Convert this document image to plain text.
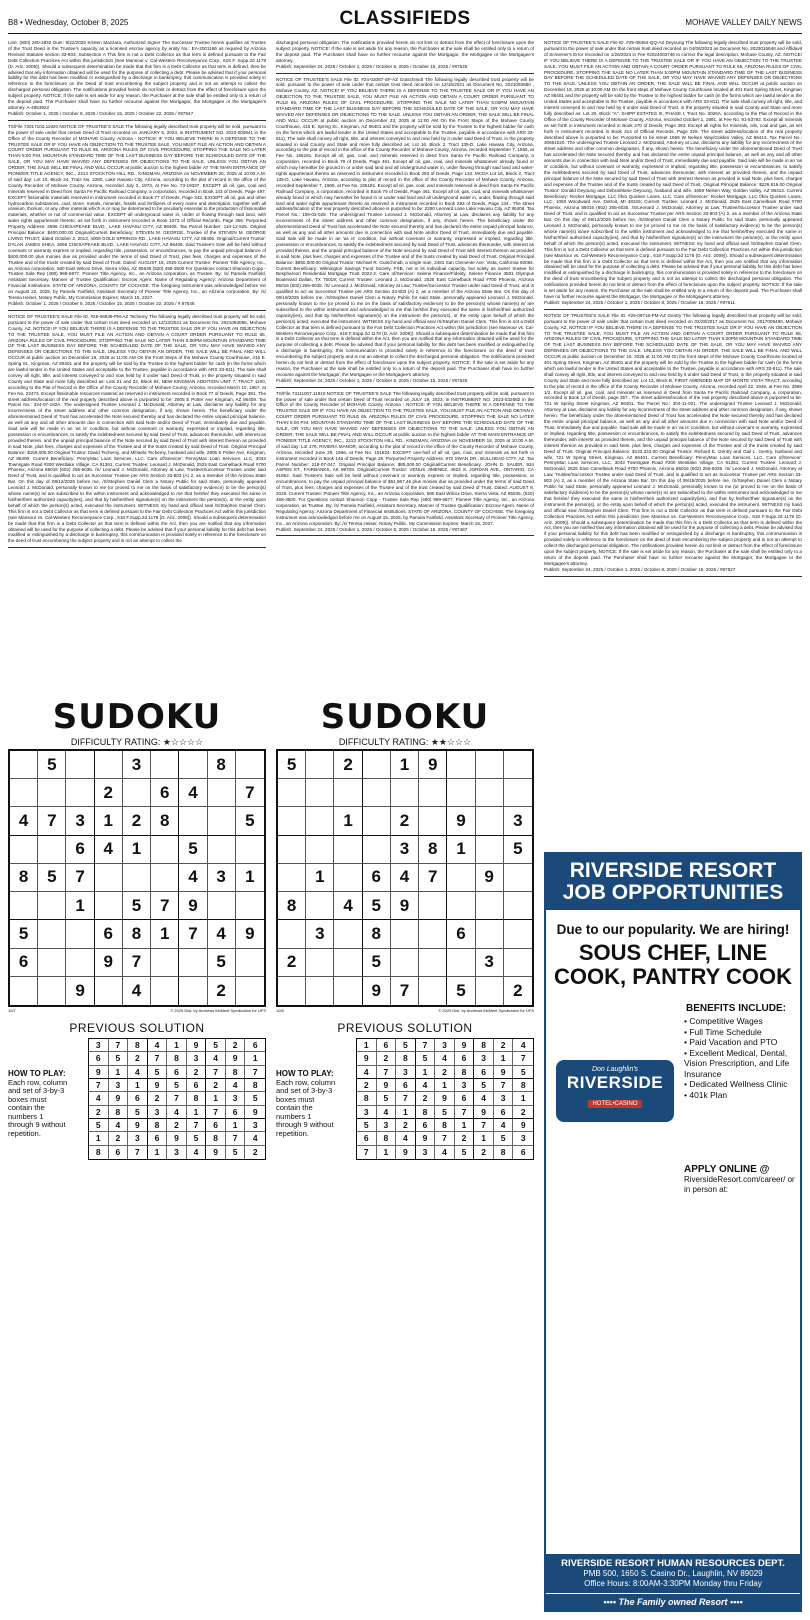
B8 • Wednesday, October 8, 2025	CLASSIFIEDS	MOHAVE VALLEY DAILY NEWS

Line: (800) 280-2832 Due!: 9/22/2025 Kristen Mazzara, Authorized Signer The Successor Trustee herein qualifies as Trustee of the Trust Deed in the Trustee's capacity as a licensed escrow agency by entity No.: EA-2001166 as required by Arizona Revised Statutes section 33-803, Subsection A This firm is not a Debt Collector as that term is defined pursuant to the Fair Debt Collection Practices Act within this jurisdiction (See Mansour v. Cal-Western Reconveyance Corp., 618 F. Supp.2d 1178 (D. Ariz. 2009)). Should a subsequent determination be made that this firm is a Debt Collector as that term is defined, then be advised that any information obtained will be used for the purpose of collecting a debt. Please be advised that if your personal liability for this debt has been modified or extinguished by a discharge in bankruptcy, this communication is provided solely in reference to the foreclosure on the Deed of trust encumbering the subject property and is not an attempt to collect the discharged personal obligation. The notifications provided herein do not limit or detract from the effect of foreclosure upon the subject property. NOTICE: If the sale is set aside for any reason, the Purchaser at the sale shall be entitled only to a return of the deposit paid. The Purchaser shall have no further recourse against the Mortgagor, the Mortgagee or the Mortgagee's attorney. A-4853922

Publish: October 1, 2025 / October 8, 2025 / October 15, 2025 / October 22, 2025 / #87547

TS/File 73017103.11920 NOTICE OF TRUSTEE'S SALE The following legally described trust property will be sold, pursuant to the power of sale under that certain Deed of Trust recorded on JANUARY 5, 2023, in INSTRUMENT NO. 2023-000841 in the Office of the County Recorder of MOHAVE County, Arizona - NOTICE! IF YOU BELIEVE THERE IS A DEFENSE TO THE TRUSTEE SALE OR IF YOU HAVE AN OBJECTION TO THE TRUSTEE SALE, YOU MUST FILE AN ACTION AND OBTAIN A COURT ORDER PURSUANT TO RULE 65, ARIZONA RULES OF CIVIL PROCEDURE, STOPPING THE SALE NO LATER THAN 5:00 P.M. MOUNTAIN STANDARD TIME OF THE LAST BUSINESS DAY BEFORE THE SCHEDULED DATE OF THE SALE, OR YOU MAY HAVE WAIVED ANY DEFENSES OR OBJECTIONS TO THE SALE. UNLESS YOU OBTAIN AN ORDER, THE SALE WILL BE FINAL AND WILL OCCUR at public auction to the highest bidder AT THE MAIN ENTRANCE OF PIONEER TITLE AGENCY, INC., 2213 STOCKTON HILL RD., KINGMAN, ARIZONA on NOVEMBER 25, 2025 at 10:00 A.M. of said day: Lot 10, Block 24, Tract No. 2280, Lake Havasu City, Arizona, according to the plat of record in the office of the County Recorder of Mohave County, Arizona, recorded July 2, 1973, at Fee No. 73-19337. EXCEPT all oil, gas, coal and minerals reserved in Deed from Santa Fe Pacific Railroad Company, a corporation, recorded in Book 143 of Deeds, Page 497. EXCEPT fissionable materials reserved in instrument recorded in Book 77 of Deeds, Page 342. EXCEPT all oil, gas and other hydrocarbon substances, coal, stone, metals, minerals, fossils and fertilizers of every name and description, together with all uranium, thorium, or any other material which is or may be determined to be peculiarly essential to the production of fissionable materials, whether or not of commercial value. EXCEPT all underground water in, under or flowing through said land, with water rights appurtenant thereto, as set forth in instrument recorded in Book 1073 of Official Records, Page 356. Purported Property Address: 3696 CHESAPEAKE BLVD., LAKE HAVASU CITY, AZ 86406. Tax Parcel Number: 110-12-525. Original Principal Balance: $400,000.00 Original/Current Beneficiary: STEVEN M. GEORGE, Trustee of the STEVEN M. GEORGE LIVING TRUST, dated October 2, 2013, 4009 GOLD SPRINGS RD., LAKE HAVASU CITY, AZ 86406. Original/Current Trustor: DYLAN JAMES SHEA, 3696 CHESAPEAKE BLVD., LAKE HAVASU CITY, AZ 86406. Said Trustee's Sale will be held without covenant or warranty express or implied, regarding title, possession, or encumbrances, to pay the unpaid principal balance of $400,000.00 plus monies due as provided under the terms of said Deed of Trust, plus fees, charges and expenses of the Trustee and of the trusts created by said Deed of Trust. Dated: AUGUST 18, 2025 Current Trustee: Pioneer Title Agency, Inc., an Arizona corporation, 580 East Wilcox Drive, Sierra Vista, AZ 85635 (520) 458-3500 For Questions contact Shannon Copp - Trustee Sale Rep (480) 969-5877. Pioneer Title Agency, Inc., an Arizona corporation, as Trustee. By: /s/ Pamela Fairfield, Assistant Secretary. Manner of Trustee Qualification: Escrow Agent. Name of Regulating Agency: Arizona Department of Financial Institutions. STATE OF ARIZONA, COUNTY OF COCHISE. The foregoing instrument was acknowledged before me on August 22, 2025, by Pamela Fairfield, Assistant Secretary of Pioneer Title Agency, Inc., an Arizona corporation. By: /s/ Teresa Heiser, Notary Public. My Commission Expires: March 15, 2027.

Publish: October 1, 2025 / October 8, 2025 / October 15, 2025 / October 22, 2025 / # 87546

NOTICE OF TRUSTEE'S SALE File ID. #25-06839-PM-AZ Tschemy The following legally described trust property will be sold, pursuant to the power of sale under that certain trust deed recorded on 12/13/2021 as Document No. 2021093058, Mohave County, AZ. NOTICE! IF YOU BELIEVE THERE IS A DEFENSE TO THE TRUSTEE SALE OR IF YOU HAVE AN OBJECTION TO THE TRUSTEE SALE, YOU MUST FILE AN ACTION AND OBTAIN A COURT ORDER PURSUANT TO RULE 65, ARIZONA RULES OF CIVIL PROCEDURE, STOPPING THE SALE NO LATER THAN 5:00PM MOUNTAIN STANDARD TIME OF THE LAST BUSINESS DAY BEFORE THE SCHEDULED DATE OF THE SALE, OR YOU MAY HAVE WAIVED ANY DEFENSES OR OBJECTIONS TO THE SALE. UNLESS YOU OBTAIN AN ORDER, THE SALE WILL BE FINAL AND WILL OCCUR at public auction on December 16, 2025 at 11:00 AM On the Front Steps of the Mohave County Courthouse, 415 E. Spring St., Kingman, AZ 86401 and the property will be sold by the Trustee to the highest bidder for cash (in the forms which are lawful tender in the United States and acceptable to the Trustee, payable in accordance with ARS 33-811). The sale shall convey all right, title, and interest conveyed to and now held by it under said Deed of Trust, in the property situated in said County and State and more fully described as: Lots 21 and 22, Block 84, NEW KINGMAN ADDITION UNIT 7, TRACT 1100, according to the Plat of Record in the Office of the County Recorder of Mohave County, Arizona, recorded March 10, 1967, at Fee No. 22473. Except fissionable resources material as reserved in instrument recorded in Book 77 of Deeds, Page 381. The street address/location of the real property described above is purported to be: 2805 E Potter Ave Kingman, AZ 86409. Tax Parcel No.: 324-07-182A. The undersigned Trustee Leonard J. McDonald, Attorney at Law, disclaims any liability for any incorrectness of the street address and other common designation, if any, shown herein. The beneficiary under the aforementioned Deed of Trust has accelerated the Note secured thereby and has declared the entire unpaid principal balance, as well as any and all other amounts due in connection with said Note and/or Deed of Trust, immediately due and payable. Said sale will be made in an 'as is' condition, but without covenant or warranty, expressed or implied, regarding title, possession or encumbrances, to satisfy the indebtedness secured by said Deed of Trust, advances thereunder, with interest as provided therein, and the unpaid principal balance of the Note secured by said Deed of Trust with interest thereon as provided in said Note, plus fees, charges and expenses of the Trustee and of the trusts created by said Deed of Trust. Original Principal Balance: $159,000.00 Original Trustor: David Tschemy, and Mihaela Tschemy, husband and wife, 2805 E Potter Ave, Kingman, AZ 86409. Current Beneficiary: PennyMac Loan Services, LLC. Care of/Servicer: PennyMac Loan Services, LLC, 3043 Townsgate Road #200 Westlake Village, CA 91361; Current Trustee: Leonard J. McDonald, 2525 East Camelback Road #700 Phoenix, Arizona 85016 (602) 255-6035. /S/ Leonard J. McDonald, Attorney at Law, Trustee/Successor Trustee under said Deed of Trust, and is qualified to act as Successor Trustee per ARS Section 33-803 (A) 2, as a member of the Arizona State Bar. On this day of 09/12/2025 before me, /S/Stephen Daniel Clem a Notary Public for said State, personally appeared Leonard J. McDonald, personally known to me (or proved to me on the basis of satisfactory evidence) to be the person(s) whose name(s) is/ are subscribed to the within instrument and acknowledged to me that he/she/ they executed the same in his/her/their authorized capacity(ies), and that by his/her/their signature(s) on the instrument the person(s), or the entity upon behalf of which the person(s) acted, executed the instrument. WITNESS my hand and official seal /S/Stephen Daniel Clem. This firm is not a Debt Collector as that term is defined pursuant to the Fair Debt Collection Practices Act within this jurisdiction (see Mansour vs. Cal-Western Reconveyance Corp., 618 F.Supp.2d 1178 (D. Ariz. 2009)). Should a subsequent determination be made that this firm is a Debt Collector as that term is defined within the Act, then you are notified that any information obtained will be used for the purpose of collecting a debt. Please be advised that if your personal liability for this debt has been modified or extinguished by a discharge in bankruptcy, this communication is provided solely in reference to the foreclosure on the deed of trust encumbering the subject property and is not an attempt to collect the

discharged personal obligation. The notifications provided herein do not limit or detract from the effect of foreclosure upon the subject property. NOTICE: If the sale is set aside for any reason, the Purchaser at the sale shall be entitled only to a return of the deposit paid. The Purchaser shall have no further recourse against the Mortgagor, the Mortgagee or the Mortgagee's attorney.

Publish: September 24, 2025 / October 1, 2025 / October 8, 2025 / October 15, 2025 / #87525

NOTICE OF TRUSTEE'S SALE File ID: #24-03087-SF-AZ Gutschmidt The following legally described trust property will be sold, pursuant to the power of sale under that certain trust deed recorded on 12/15/2021 as Document No. 2021093680 , Mohave County, AZ. NOTICE! IF YOU BELIEVE THERE IS A DEFENSE TO THE TRUSTEE SALE OR IF YOU HAVE AN OBJECTION TO THE TRUSTEE SALE, YOU MUST FILE AN ACTION AND OBTAIN A COURT ORDER PURSUANT TO RULE 65, ARIZONA RULES OF CIVIL PROCEDURE, STOPPING THE SALE NO LATER THAN 5:00PM MOUNTAIN STANDARD TIME OF THE LAST BUSINESS DAY BEFORE THE SCHEDULED DATE OF THE SALE, OR YOU MAY HAVE WAIVED ANY DEFENSES OR OBJECTIONS TO THE SALE. UNLESS YOU OBTAIN AN ORDER, THE SALE WILL BE FINAL AND WILL OCCUR at public auction on December 23, 2025 at 11:00 AM On the Front Steps of the Mohave County Courthouse, 415 E. Spring St., Kingman, AZ 86401 and the property will be sold by the Trustee to the highest bidder for cash (in the forms which are lawful tender in the United States and acceptable to the Trustee, payable in accordance with ARS 33-811). The sale shall convey all right, title, and interest conveyed to and now held by it under said Deed of Trust, in the property situated in said County and State and more fully described as: Lot 16, Block 2, Tract 135-D, Lake Havasu City, Arizona, according to the plat of record in the office of the County Recorder of Mohave County, Arizona, recorded September 7, 1965, at Fee No. 155181. Except all oil, gas, coal, and minerals reserved in deed from Santa Fe Pacific Railroad Company, a corporation, recorded in Book 79 of Deeds, Page 461. Except all oil, gas, coal, and minerals whatsoever already found or which may hereafter be ground in or under said land and all underground water in, under flowing through said land and water-rights appurtenant thereto as reserved in instrument recorded in Book 293 of Deeds, Page 134. MCDA Lot 16, Block 2, Tract 135-D, Lake Havasu, Arizona, according to plat of record in the office of the County Recorder of Mohave County, Arizona, recorded September 7, 1965, at Fee No. 155181. Except all oil, gas, coal, and minerals reserved in deed from Santa Fe Pacific Railroad Company, a corporation, recorded in Book 79 of Deeds, Page 461. Except all oil, gas, coal, and minerals whatsoever already found or which may hereafter be found in or under said land and all underground water in, under, flowing through said land and water rights appurtenant thereto as reserved in instrument recorded in Book 293 of Deeds, Page 134.. The street address/location of the real property described above is purported to be: 2280 Leonard Lane Lake Havasu City, AZ 86406. Tax Parcel No.: 109-02-028. The undersigned Trustee Leonard J. McDonald, Attorney at Law, disclaims any liability for any incorrectness of the street address and other common designation, if any, shown herein. The beneficiary under the aforementioned Deed of Trust has accelerated the Note secured thereby and has declared the entire unpaid principal balance, as well as any and all other amounts due in connection with said Note and/or Deed of Trust, immediately due and payable. Said sale will be made in an 'as is' condition, but without covenant or warranty, expressed or implied, regarding title, possession or encumbrances, to satisfy the indebtedness secured by said Deed of Trust, advances thereunder, with interest as provided therein, and the unpaid principal balance of the Note secured by said Deed of Trust with interest thereon as provided in said Note, plus fees, charges and expenses of the Trustee and of the trusts created by said Deed of Trust. Original Principal Balance: $850,000.00 Original Trustor: Michael R. Gutschmidt, a single man, 2481 San Clemente Ave. Vista, California 92084. Current Beneficiary: Wilmington Savings Fund Society, FSB, not in its individual capacity, but solely as owner trustee for Bespharoon Residential Mortgage Trust 2022-2. Care of/Servicer: Selene Finance/Fidelity, Selene Finance 3501 Olympus Boulevard Dallas, TX 75019; Current Trustee: Leonard J. McDonald, 2525 East Camelback Road #700 Phoenix, Arizona 85016 (602) 255-6035. /S/ Leonard J. McDonald, Attorney at Law, Trustee/Successor Trustee under said Deed of Trust, and is qualified to act as Successor Trustee per ARS Section 33-803 (A) 2, as a member of the Arizona State Bar. On this day of 09/19/2025 before me, /S/Stephen Daniel Clem a Notary Public for said State, personally appeared Leonard J. McDonald, personally known to me (or proved to me on the basis of satisfactory evidence) to be the person(s) whose name(s) is/ are subscribed to the within instrument and acknowledged to me that he/she/ they executed the same in his/her/their authorized capacity(ies), and that by his/her/their signature(s) on the instrument the person(s), or the entity upon behalf of which the person(s) acted, executed the instrument. WITNESS my hand and official seal /S/Stephen Daniel Clem. This firm is not a Debt Collector as that term is defined pursuant to the Fair Debt Collection Practices Act within this jurisdiction (see Mansour vs. Cal-Western Reconveyance Corp., 618 F.Supp.2d 1178 (D. Ariz. 2009)). Should a subsequent determination be made that this firm is a Debt Collector as that term is defined within the Act, then you are notified that any information obtained will be used for the purpose of collecting a debt. Please be advised that if your personal liability for this debt has been modified or extinguished by a discharge in bankruptcy, this communication is provided solely in reference to the foreclosure on the deed of trust encumbering the subject property and is not an attempt to collect the discharged personal obligation. The notifications provided herein do not limit or detract from the effect of foreclosure upon the subject property. NOTICE: If the sale is set aside for any reason, the Purchaser at the sale shall be entitled only to a return of the deposit paid. The Purchaser shall have no further recourse against the Mortgagor, the Mortgagee or the Mortgagee's attorney.

Publish: September 24, 2025 / October 1, 2025 / October 8, 2025 / October 15, 2025 / #87526

TS/File 73111007.11910 NOTICE OF TRUSTEE'S SALE The following legally described trust property will be sold, pursuant to the power of sale under that certain Deed of Trust recorded on JULY 19, 2023, in INSTRUMENT NO. 2023-032682 in the Office of the County Recorder of MOHAVE County, Arizona - NOTICE! IF YOU BELIEVE THERE IS A DEFENSE TO THE TRUSTEE SALE OR IF YOU HAVE AN OBJECTION TO THE TRUSTEE SALE, YOU MUST FILE AN ACTION AND OBTAIN A COURT ORDER PURSUANT TO RULE 65, ARIZONA RULES OF CIVIL PROCEDURE, STOPPING THE SALE NO LATER THAN 5:00 P.M. MOUNTAIN STANDARD TIME OF THE LAST BUSINESS DAY BEFORE THE SCHEDULED DATE OF THE SALE, OR YOU MAY HAVE WAIVED ANY DEFENSES OR OBJECTIONS TO THE SALE. UNLESS YOU OBTAIN AN ORDER, THE SALE WILL BE FINAL AND WILL OCCUR at public auction to the highest bidder AT THE MAIN ENTRANCE OF PIONEER TITLE AGENCY, INC., 2213 STOCKTON HILL RD., KINGMAN, ARIZONA on NOVEMBER 18, 2025 at 10:00 A.M. of said day: Lot 176, RIVIERA MANOR, according to the plat of record in the office of the County Recorder of Mohave County, Arizona, recorded June 29, 1966, at Fee No. 151824. EXCEPT one-half of all oil, gas, coal, and minerals as set forth in instrument recorded in Book 146 of Deeds, Page 28. Purported Property Address: 972 SWAN DR., BULLHEAD CITY, AZ. Tax Parcel Number: 218-07-047. Original Principal Balance: $85,000.00 Original/Current Beneficiary: JOHN D. SAUER, 934 ASPEN ST., FAIRBANKS, AK 99709. Original/Current Trustor: VENUS JIMENEZ, 4923 S. JORDAN AVE., ONTARIO, CA 91862. Said Trustee's Sale will be held without covenant or warranty express or implied, regarding title, possession, or encumbrances, to pay the unpaid principal balance of $61,967.46 plus monies due as provided under the terms of said Deed of Trust, plus fees, charges and expenses of the Trustee and of the trust created by said Deed of Trust. Dated: AUGUST 8, 2025. Current Trustee: Pioneer Title Agency, Inc., an Arizona corporation, 580 East Wilcox Drive, Sierra Vista, AZ 85635, (520) 458-3500. For Questions contact Shannon Copp - Trustee Sale Rep (480) 969-5877. Pioneer Title Agency, Inc., an Arizona corporation, as Trustee. By: /s/ Pamela Fairfield, Assistant Secretary. Manner of Trustee Qualification: Escrow Agent. Name of Regulating Agency: Arizona Department of Financial Institutions. STATE OF ARIZONA, COUNTY OF COCHISE. The foregoing instrument was acknowledged before me on August 15, 2025, by Pamela Fairfield, Assistant Secretary of Pioneer Title Agency, Inc., an Arizona corporation. By: /s/ Teresa Heiser, Notary Public. My Commission Expires: March 15, 2027.

Publish: September 24, 2025 / October 1, 2025 / October 8, 2025 / October 15, 2025 / #87487

NOTICE OF TRUSTEE'S SALE File ID. #25-09464-QQ-AZ Deyoung The following legally described trust property will be sold, pursuant to the power of sale under that certain trust deed recorded on 04/06/2023 as Document No. 2023015646 and Affidavit of Scrivener's Error recorded on 1/26/2024 in Fee #2024003746 to correct the legal description, Mohave County, AZ. NOTICE! IF YOU BELIEVE THERE IS A DEFENSE TO THE TRUSTEE SALE OR IF YOU HAVE AN OBJECTION TO THE TRUSTEE SALE, YOU MUST FILE AN ACTION AND OBTAIN A COURT ORDER PURSUANT TO RULE 65, ARIZONA RULES OF CIVIL PROCEDURE, STOPPING THE SALE NO LATER THAN 5:00PM MOUNTAIN STANDARD TIME OF THE LAST BUSINESS DAY BEFORE THE SCHEDULED DATE OF THE SALE, OR YOU MAY HAVE WAIVED ANY DEFENSES OR OBJECTIONS TO THE SALE. UNLESS YOU OBTAIN AN ORDER, THE SALE WILL BE FINAL AND WILL OCCUR at public auction on December 15, 2025 at 10:00 AM On the front steps of Mohave County Courthouse located at 401 East Spring Street, Kingman AZ 86401 and the property will be sold by the Trustee to the highest bidder for cash (in the forms which are lawful tender in the United States and acceptable to the Trustee, payable in accordance with ARS 33-811). The sale shall convey all right, title, and interest conveyed to and now held by it under said Deed of Trust, in the property situated in said County and State and more fully described as: Lot 20, Block "A", SHIPP ESTATES III, PHASE I, Tract No. 3026A, according to the Plat of Record in the Office of the County Recorder of Mohave County, Arizona, recorded October 1, 1991, at Fee No. 91-53792. Except all minerals as set forth in instrument recorded in Book 270 of Deeds, Page 393. Except all rights for minerals, oils, coal and gas, as set forth in Instrument recorded in Book 314 of Official Records, Page 229. The street address/location of the real property described above is purported to be: Purported to be street 1659 W Nelsen Way/Golden Valley, AZ 86413. Tax Parcel No.: 30661020. The undersigned Trustee Leonard J. McDonald, Attorney at Law, disclaims any liability for any incorrectness of the street address and other common designation, if any, shown herein. The beneficiary under the aforementioned Deed of Trust has accelerated the Note secured thereby and has declared the entire unpaid principal balance, as well as any and all other amounts due in connection with said Note and/or Deed of Trust, immediately due and payable. Said sale will be made in an 'as is' condition, but without covenant or warranty, expressed or implied, regarding title, possession or encumbrances, to satisfy the indebtedness secured by said Deed of Trust, advances thereunder, with interest as provided therein, and the unpaid principal balance of the Note secured by said Deed of Trust with interest thereon as provided in said Note, plus fees, charges and expenses of the Trustee and of the trusts created by said Deed of Trust. Original Principal Balance: $226,816.00 Original Trustor: Donald Deyoung and Debra/Marie Deyoung, husband and wife, 1659 Nelsen Way, Golden Valley, AZ 86413. Current Beneficiary: Rocket Mortgage, LLC f/k/a Quicken Loans, LLC. Care of/Servicer: Rocket Mortgage, LLC f/k/a Quicken Loans, LLC, 1050 Woodward Ave. Detroit, MI 48226; Current Trustee: Leonard J. McDonald, 2525 East Camelback Road #700 Phoenix, Arizona 85016 (602) 255-6035. /S/Leonard J. McDonald, Attorney at Law, Trustee/Successor Trustee under said Deed of Trust, and is qualified to act as Successor Trustee per ARS Section 33-803 (A) 2, as a member of the Arizona State Bar. On this day of 09/12/2025 before me, /S/Stephen Daniel Clem a Notary Public for said State, personally appeared Leonard J. McDonald, personally known to me (or proved to me on the basis of satisfactory evidence) to be the person(s) whose name(s) is/are subscribed to the within instrument and acknowledged to me that he/she/they executed the same in his/her/their authorized capacity(ies), and that by his/her/their signature(s) on the instrument the person(s), or the entity upon behalf of which the person(s) acted, executed the instrument. WITNESS my hand and official seal /S/Stephen Daniel Clem. This firm is not a Debt Collector as that term is defined pursuant to the Fair Debt Collection Practices Act within this jurisdiction (see Mansour vs. Cal-Western Reconveyance Corp., 618 F.Supp.2d 1178 (D. Ariz. 2009)). Should a subsequent determination be made that this firm is a Debt Collector as that term is defined within the Act, then you are notified that any information obtained will be used for the purpose of collecting a debt. Please be advised that if your personal liability for this debt has been modified or extinguished by a discharge in bankruptcy, this communication is provided solely in reference to the foreclosure on the deed of trust encumbering the subject property and is not an attempt to collect the discharged personal obligation. The notifications provided herein do not limit or detract from the effect of foreclosure upon the subject property. NOTICE: If the sale is set aside for any reason, the Purchaser at the sale shall be entitled only to a return of the deposit paid. The Purchaser shall have no further recourse against the Mortgagor, the Mortgagee or the Mortgagee's attorney.

Publish: September 24, 2025 / October 1, 2025 / October 8, 2025 / October 15, 2025 / #87511

NOTICE OF TRUSTEE'S SALE File ID. #25-09716-PM-AZ Gentry The following legally described trust property will be sold, pursuant to the power of sale under that certain trust deed recorded on 02/28/2017 as Document No. 2017009490, Mohave County, AZ. NOTICE! IF YOU BELIEVE THERE IS A DEFENSE TO THE TRUSTEE SALE OR IF YOU HAVE AN OBJECTION TO THE TRUSTEE SALE, YOU MUST FILE AN ACTION AND OBTAIN A COURT ORDER PURSUANT TO RULE 65, ARIZONA RULES OF CIVIL PROCEDURE, STOPPING THE SALE NO LATER THAN 5:00PM MOUNTAIN STANDARD TIME OF THE LAST BUSINESS DAY BEFORE THE SCHEDULED DATE OF THE SALE, OR YOU MAY HAVE WAIVED ANY DEFENSES OR OBJECTIONS TO THE SALE. UNLESS YOU OBTAIN AN ORDER, THE SALE WILL BE FINAL AND WILL OCCUR at public auction on December 16, 2025 at 11:00 AM On the front steps of the Mohave County Courthouse located at 401 Spring Street, Kingman, AZ 86401 and the property will be sold by the Trustee to the highest bidder for cash (in the forms which are lawful tender in the United States and acceptable to the Trustee, payable in accordance with ARS 33-811). The sale shall convey all right, title, and interest conveyed to and now held by it under said Deed of Trust, in the property situated in said County and State and more fully described as: Lot 13, Block B, FIRST AMENDED MAP OF MONTE VISTA TRACT, according to the plat of record in the office of the County Recorder of Mohave County, Arizona, recorded April 22, 1949, at Fee No. 3588 1/2. Except all oil, gas, coal, and minerals as reserved in Deed from Santa Fe Pacific Railroad Company, a corporation, recorded in Book 13 of Deeds, page 357.. The street address/location of the real property described above is purported to be: 721 W Spring Street Kingman, AZ 86401. Tax Parcel No.: 304-11-021. The undersigned Trustee Leonard J. McDonald, Attorney at Law, disclaims any liability for any incorrectness of the street address and other common designation, if any, shown herein. The beneficiary under the aforementioned Deed of Trust has accelerated the Note secured thereby and has declared the entire unpaid principal balance, as well as any and all other amounts due in connection with said Note and/or Deed of Trust, immediately due and payable. Said sale will be made in an 'as is' condition, but without covenant or warranty, expressed or implied, regarding title, possession or encumbrances, to satisfy the indebtedness secured by said Deed of Trust, advances thereunder, with interest as provided therein, and the unpaid principal balance of the Note secured by said Deed of Trust with interest thereon as provided in said Note, plus fees, charges and expenses of the Trustee and of the trusts created by said Deed of Trust. Original Principal Balance: $133,333.00 Original Trustor: Richard E. Gentry and Gail L. Gentry, husband and wife, 721 W Spring Street, Kingman, AZ 86401. Current Beneficiary: PennyMac Loan Services, LLC. Care of/Servicer: PennyMac Loan Services, LLC, 3043 Townsgate Road #200 Westlake Village, CA 91361; Current Trustee: Leonard J. McDonald, 2525 East Camelback Road #700 Phoenix, Arizona 85016 (602) 255-6035. /S/ Leonard J. McDonald, Attorney at Law, Trustee/Successor Trustee under said Deed of Trust, and is qualified to act as Successor Trustee per ARS Section 33-803 (A) 2, as a member of the Arizona State Bar. On this day of 09/15/2025 before me, /S/Stephen Daniel Clem a Notary Public for said State, personally appeared Leonard J. McDonald, personally known to me (or proved to me on the basis of satisfactory evidence) to be the person(s) whose name(s) is/ are subscribed to the within instrument and acknowledged to me that he/she/ they executed the same in his/her/their authorized capacity(ies), and that by his/her/their signature(s) on the instrument the person(s), or the entity upon behalf of which the person(s) acted, executed the instrument. WITNESS my hand and official seal /S/Stephen Daniel Clem. This firm is not a Debt Collector as that term is defined pursuant to the Fair Debt Collection Practices Act within this jurisdiction (see Mansour vs. Cal-Western Reconveyance Corp., 618 F.Supp.2d 1178 (D. Ariz. 2009)). Should a subsequent determination be made that this firm is a Debt Collector as that term is defined within the Act, then you are notified that any information obtained will be used for the purpose of collecting a debt. Please be advised that if your personal liability for this debt has been modified or extinguished by a discharge in bankruptcy, this communication is provided solely in reference to the foreclosure on the deed of trust encumbering the subject property and is not an attempt to collect the discharged personal obligation. The notifications provided herein do not limit or detract from the effect of foreclosure upon the subject property. NOTICE: If the sale is set aside for any reason, the Purchaser at the sale shall be entitled only to a return of the deposit paid. The Purchaser shall have no further recourse against the Mortgagor, the Mortgagee or the Mortgagee's attorney.

Publish: September 24, 2025 / October 1, 2025 / October 8, 2025 / October 15, 2025 / #87527

SUDOKU
DIFFICULTY RATING: ★☆☆☆☆
5	3	8
2	6	4	7
4	7	3	1	2	8	5
6	4	1	5
8	5	7	4	3	1
1	5	7	9
5	6	8	1	7	4	9
6	9	7	5
9	4	2
10/7	© 2025 Dist. by Andrews McMeel Syndication for UFS
PREVIOUS SOLUTION
HOW TO PLAY:
Each row, column and set of 3-by-3 boxes must contain the numbers 1 through 9 without repetition.
3	7	8	4	1	9	5	2	6
6	5	2	7	8	3	4	9	1
9	1	4	5	6	2	7	8	7
7	3	1	9	5	6	2	4	8
4	9	6	2	7	8	1	3	5
2	8	5	3	4	1	7	6	9
5	4	9	8	2	7	6	1	3
1	2	3	6	9	5	8	7	4
8	6	7	1	3	4	9	5	2
SUDOKU
DIFFICULTY RATING: ★★☆☆☆
5	2	1	9
1	2	9	3
3	8	1	5
1	6	4	7	9
8	4	5	9
3	8	6
2	5	3
9	7	5	2
10/8	© 2025 Dist. by Andrews McMeel Syndication for UFS
PREVIOUS SOLUTION
HOW TO PLAY:
Each row, column and set of 3-by-3 boxes must contain the numbers 1 through 9 without repetition.
1	6	5	7	3	9	8	2	4
9	2	8	5	4	6	3	1	7
4	7	3	1	2	8	6	9	5
2	9	6	4	1	3	5	7	8
8	5	7	2	9	6	4	3	1
3	4	1	8	5	7	9	6	2
5	3	2	6	8	1	7	4	9
6	8	4	9	7	2	1	5	3
7	1	9	3	4	5	2	8	6
RIVERSIDE RESORT
JOB OPPORTUNITIES
Due to our popularity. We are hiring!
SOUS CHEF, LINE COOK, PANTRY COOK
BENEFITS INCLUDE:
• Competitive Wages
• Full Time Schedule
• Paid Vacation and PTO
• Excellent Medical, Dental, Vision Prescription, and Life Insurance
• Dedicated Wellness Clinic
• 401k Plan
Don Laughlin's
RIVERSIDE
HOTEL•CASINO
APPLY ONLINE @
RiversideResort.com/career/ or in person at:
RIVERSIDE RESORT HUMAN RESOURCES DEPT.
PMB 500, 1650 S. Casino Dr., Laughlin, NV 89029
Office Hours: 8:00AM-3:30PM Monday thru Friday
•••• The Family owned Resort ••••
